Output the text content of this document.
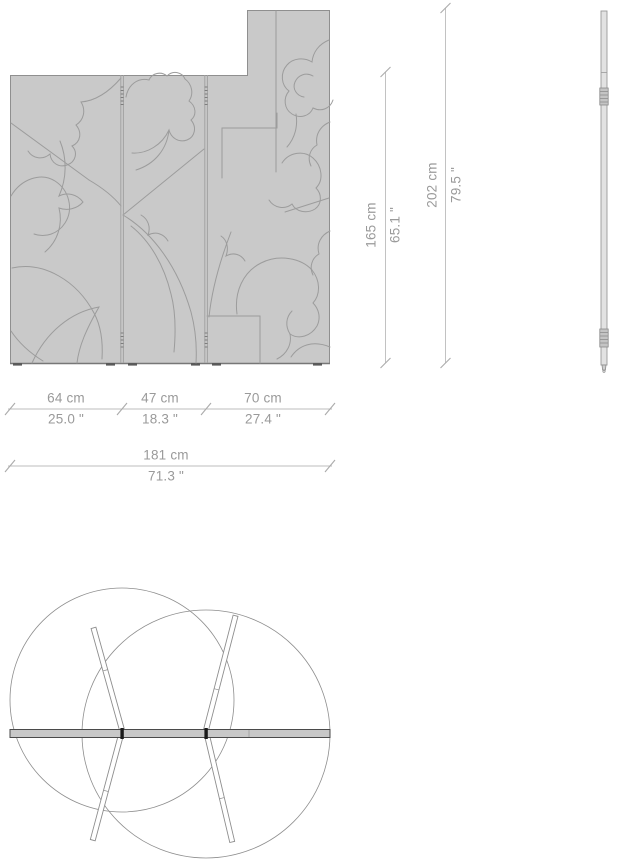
64 cm
25.0 "
47 cm
18.3 "
70 cm
27.4 "
181 cm
71.3 "
165 cm 65.1 "
202 cm 79.5 "
